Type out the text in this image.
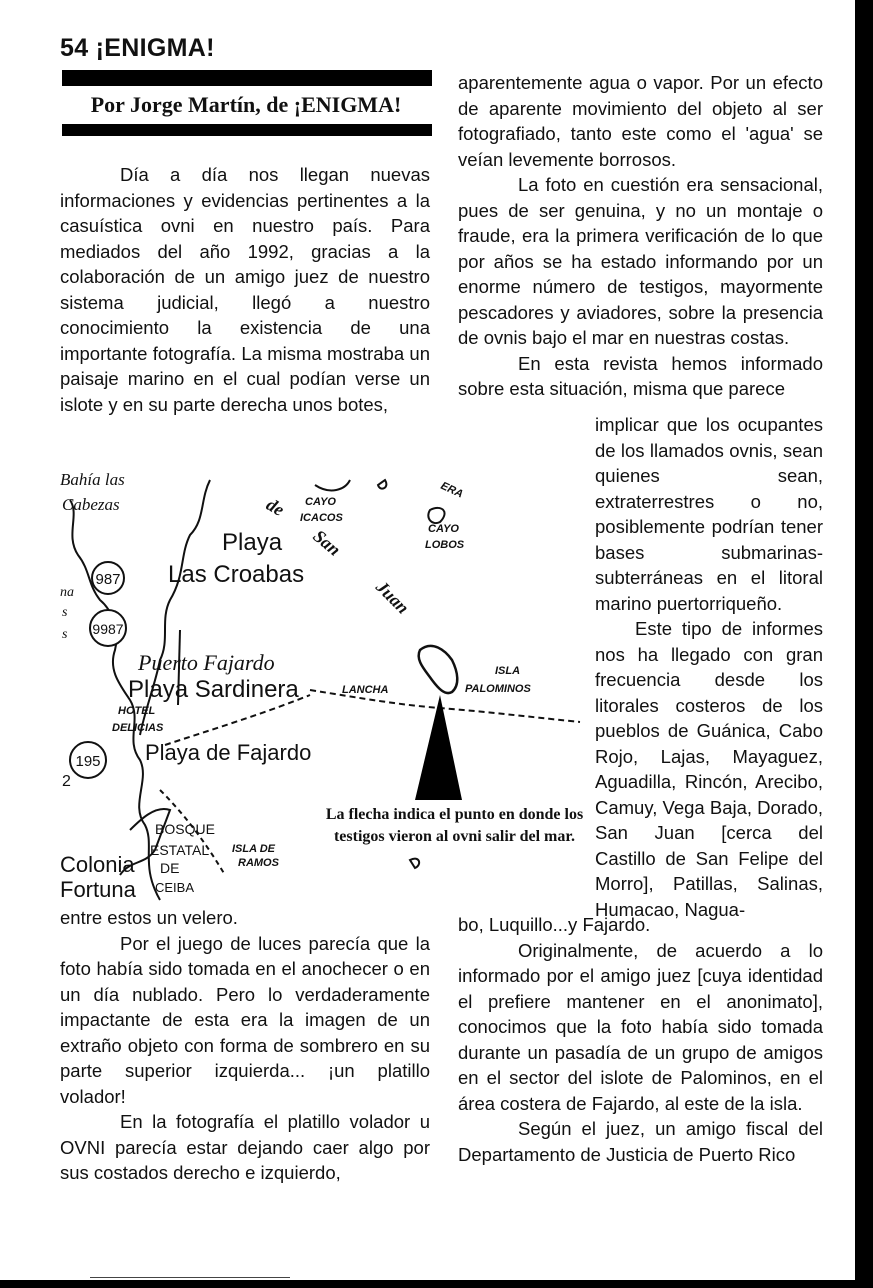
54 ¡ENIGMA!
Por Jorge Martín, de ¡ENIGMA!

Día a día nos llegan nuevas informaciones y evidencias pertinentes a la casuística ovni en nuestro país. Para mediados del año 1992, gracias a la colaboración de un amigo juez de nuestro sistema judicial, llegó a nuestro conocimiento la existencia de una importante fotografía. La misma mostraba un paisaje marino en el cual podían verse un islote y en su parte derecha unos botes,

987
9987
195
Bahía las
Cabezas	de CAYO
ICACOS
ERA
CAYO
LOBOS
Playa San
Juan
Las Croabas
Puerto Fajardo
Playa Sardinera
HOTEL
DELICIAS
Playa de Fajardo
LANCHA
ISLA
PALOMINOS
BOSQUE
ESTATAL
DE
CEIBA
ISLA DE
RAMOS
Colonia
Fortuna
na
s
s
2
La flecha indica el punto en donde los testigos vieron al ovni salir del mar.

entre estos un velero.

Por el juego de luces parecía que la foto había sido tomada en el anochecer o en un día nublado. Pero lo verdaderamente impactante de esta era la imagen de un extraño objeto con forma de sombrero en su parte superior izquierda... ¡un platillo volador!

En la fotografía el platillo volador u OVNI parecía estar dejando caer algo por sus costados derecho e izquierdo,

aparentemente agua o vapor. Por un efecto de aparente movimiento del objeto al ser fotografiado, tanto este como el 'agua' se veían levemente borrosos.

La foto en cuestión era sensacional, pues de ser genuina, y no un montaje o fraude, era la primera verificación de lo que por años se ha estado informando por un enorme número de testigos, mayormente pescadores y aviadores, sobre la presencia de ovnis bajo el mar en nuestras costas.

En esta revista hemos informado sobre esta situación, misma que parece

implicar que los ocupantes de los llamados ovnis, sean quienes sean, extraterrestres o no, posiblemente podrían tener bases submarinas-subterráneas en el litoral marino puertorriqueño.

Este tipo de informes nos ha llegado con gran frecuencia desde los litorales costeros de los pueblos de Guánica, Cabo Rojo, Lajas, Mayaguez, Aguadilla, Rincón, Arecibo, Camuy, Vega Baja, Dorado, San Juan [cerca del Castillo de San Felipe del Morro], Patillas, Salinas, Humacao, Nagua-

bo, Luquillo...y Fajardo.

Originalmente, de acuerdo a lo informado por el amigo juez [cuya identidad el prefiere mantener en el anonimato], conocimos que la foto había sido tomada durante un pasadía de un grupo de amigos en el sector del islote de Palominos, en el área costera de Fajardo, al este de la isla.

Según el juez, un amigo fiscal del Departamento de Justicia de Puerto Rico
